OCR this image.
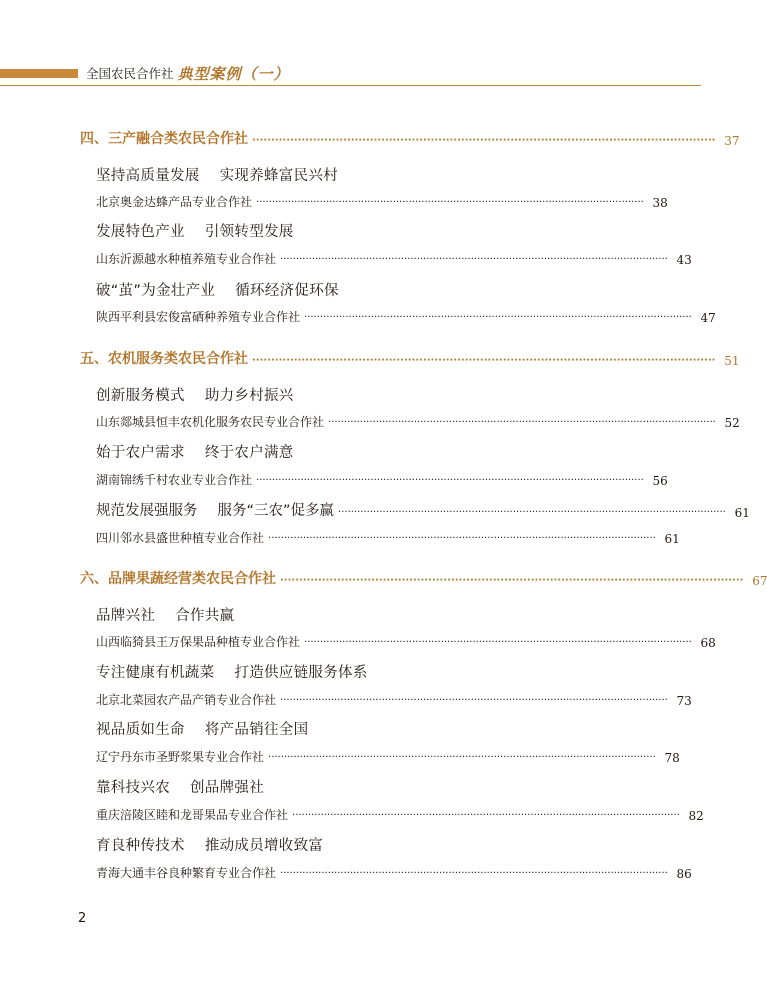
全国农民合作社 典型案例（一）
四、三产融合类农民合作社 ·························································································································· 37
坚持高质量发展 实现养蜂富民兴村
北京奥金达蜂产品专业合作社 ·························································································································· 38
发展特色产业 引领转型发展
山东沂源越水种植养殖专业合作社 ·························································································································· 43
破“茧”为金壮产业 循环经济促环保
陕西平利县宏俊富硒种养殖专业合作社 ·························································································································· 47
五、农机服务类农民合作社 ·························································································································· 51
创新服务模式 助力乡村振兴
山东郯城县恒丰农机化服务农民专业合作社 ·························································································································· 52
始于农户需求 终于农户满意
湖南锦绣千村农业专业合作社 ·························································································································· 56
规范发展强服务 服务“三农”促多赢 ·························································································································· 61
四川邻水县盛世种植专业合作社 ·························································································································· 61
六、品牌果蔬经营类农民合作社 ·························································································································· 67
品牌兴社 合作共赢
山西临猗县王万保果品种植专业合作社 ·························································································································· 68
专注健康有机蔬菜 打造供应链服务体系
北京北菜园农产品产销专业合作社 ·························································································································· 73
视品质如生命 将产品销往全国
辽宁丹东市圣野浆果专业合作社 ·························································································································· 78
靠科技兴农 创品牌强社
重庆涪陵区睦和龙哥果品专业合作社 ·························································································································· 82
育良种传技术 推动成员增收致富
青海大通丰谷良种繁育专业合作社 ·························································································································· 86
2
